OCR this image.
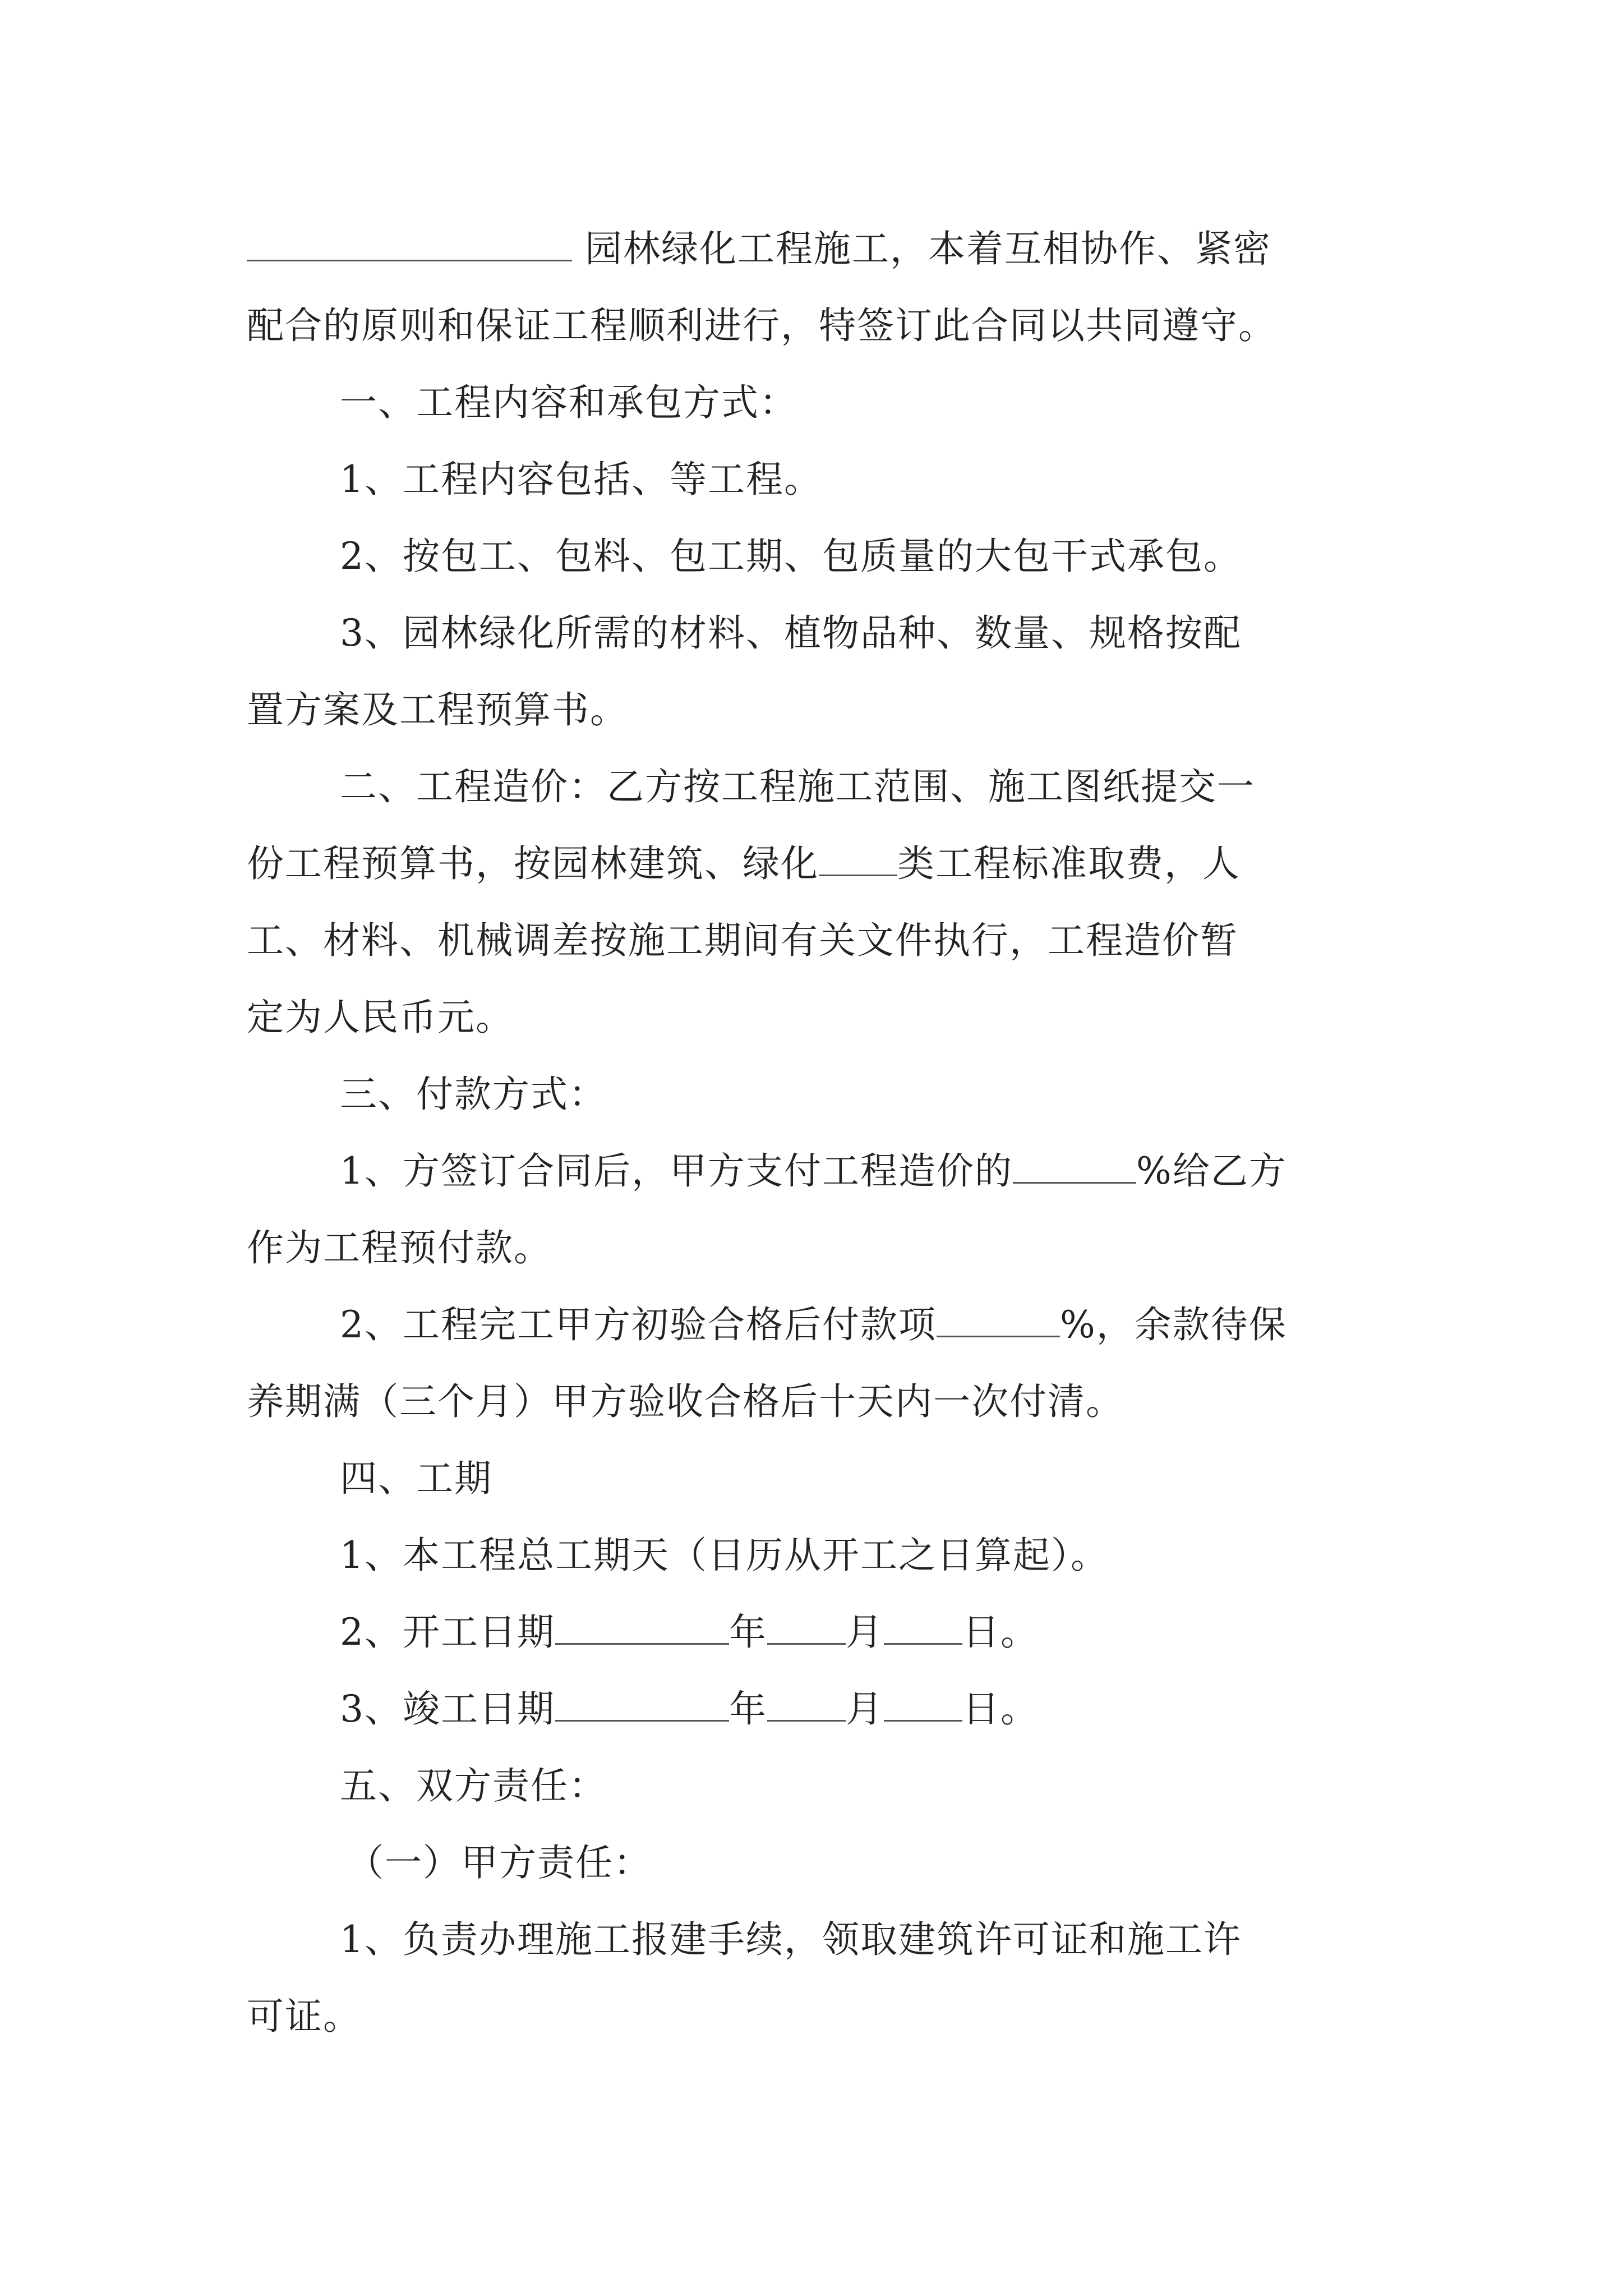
园林绿化工程施工，本着互相协作、紧密
配合的原则和保证工程顺利进行，特签订此合同以共同遵守。
一、工程内容和承包方式：
1、工程内容包括、等工程。
2、按包工、包料、包工期、包质量的大包干式承包。
3、园林绿化所需的材料、植物品种、数量、规格按配
置方案及工程预算书。
二、工程造价：乙方按工程施工范围、施工图纸提交一
份工程预算书，按园林建筑、绿化 类工程标准取费，人
工、材料、机械调差按施工期间有关文件执行，工程造价暂
定为人民币元。
三、付款方式：
1、方签订合同后，甲方支付工程造价的	%给乙方
作为工程预付款。
2、工程完工甲方初验合格后付款项	%，余款待保
养期满（三个月）甲方验收合格后十天内一次付清。
四、工期
1、本工程总工期天（日历从开工之日算起）。
2、开工日期	年 月 日。
3、竣工日期	年 月 日。
五、双方责任：
（一）甲方责任：
1、负责办理施工报建手续，领取建筑许可证和施工许
可证。
